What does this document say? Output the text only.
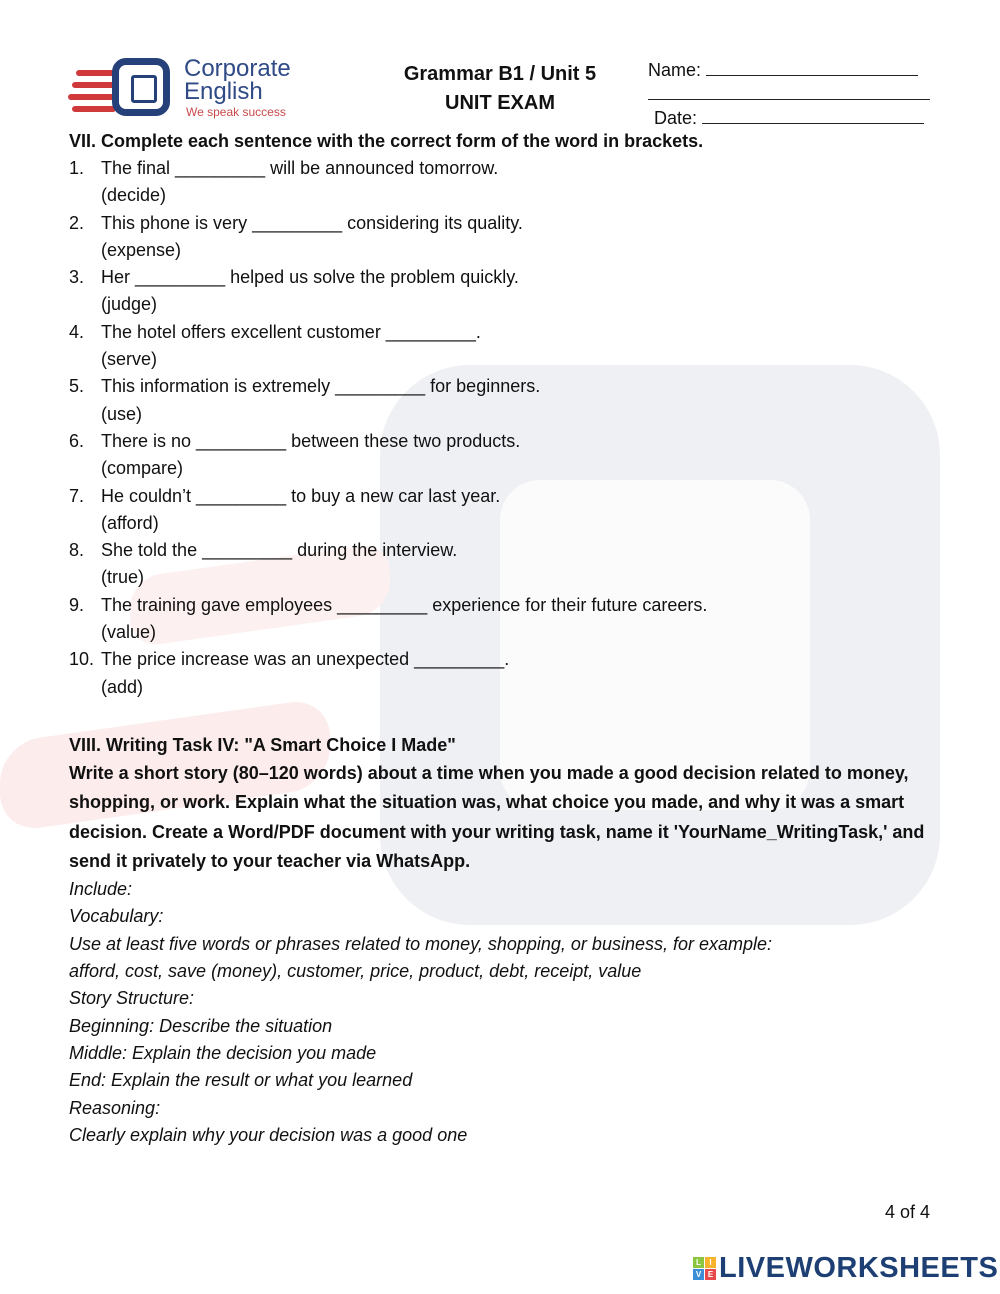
Corporate
English
We speak success
Grammar B1 / Unit 5
UNIT EXAM
Name:
Date:
VII. Complete each sentence with the correct form of the word in brackets.
1. The final _________ will be announced tomorrow.
(decide)
2. This phone is very _________ considering its quality.
(expense)
3. Her _________ helped us solve the problem quickly.
(judge)
4. The hotel offers excellent customer _________.
(serve)
5. This information is extremely _________ for beginners.
(use)
6. There is no _________ between these two products.
(compare)
7. He couldn’t _________ to buy a new car last year.
(afford)
8. She told the _________ during the interview.
(true)
9. The training gave employees _________ experience for their future careers.
(value)
10. The price increase was an unexpected _________.
(add)
VIII. Writing Task IV: "A Smart Choice I Made"
Write a short story (80–120 words) about a time when you made a good decision related to money, shopping, or work. Explain what the situation was, what choice you made, and why it was a smart decision. Create a Word/PDF document with your writing task, name it 'YourName_WritingTask,' and send it privately to your teacher via WhatsApp.
Include:
Vocabulary:
Use at least five words or phrases related to money, shopping, or business, for example:
afford, cost, save (money), customer, price, product, debt, receipt, value
Story Structure:
Beginning: Describe the situation
Middle: Explain the decision you made
End: Explain the result or what you learned
Reasoning:
Clearly explain why your decision was a good one
4 of 4
L	I
V E LIVEWORKSHEETS
